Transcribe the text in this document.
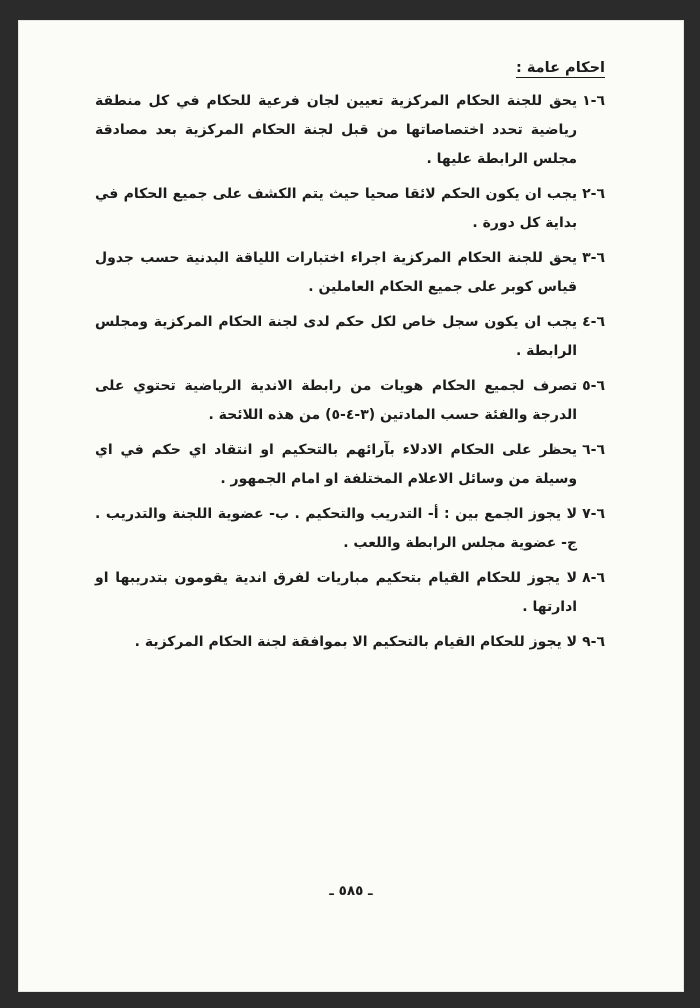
احكام عامة :
٦-١
يحق للجنة الحكام المركزية تعيين لجان فرعية للحكام في كل منطقة رياضية تحدد اختصاصاتها من قبل لجنة الحكام المركزية بعد مصادقة مجلس الرابطة عليها .
٦-٢
يجب ان يكون الحكم لائقا صحيا حيث يتم الكشف على جميع الحكام في بداية كل دورة .
٦-٣
يحق للجنة الحكام المركزية اجراء اختبارات اللياقة البدنية حسب جدول قياس كوبر على جميع الحكام العاملين .
٦-٤
يجب ان يكون سجل خاص لكل حكم لدى لجنة الحكام المركزية ومجلس الرابطة .
٦-٥
تصرف لجميع الحكام هويات من رابطة الاندية الرياضية تحتوي على الدرجة والفئة حسب المادتين (٣-٤-٥) من هذه اللائحة .
٦-٦
يحظر على الحكام الادلاء بآرائهم بالتحكيم او انتقاد اي حكم في اي وسيلة من وسائل الاعلام المختلفة او امام الجمهور .
٦-٧
لا يجوز الجمع بين : أ- التدريب والتحكيم . ب- عضوية اللجنة والتدريب . ج- عضوية مجلس الرابطة واللعب .
٦-٨
لا يجوز للحكام القيام بتحكيم مباريات لفرق اندية يقومون بتدريبها او ادارتها .
٦-٩
لا يجوز للحكام القيام بالتحكيم الا بموافقة لجنة الحكام المركزية .
ـ ٥٨٥ ـ
